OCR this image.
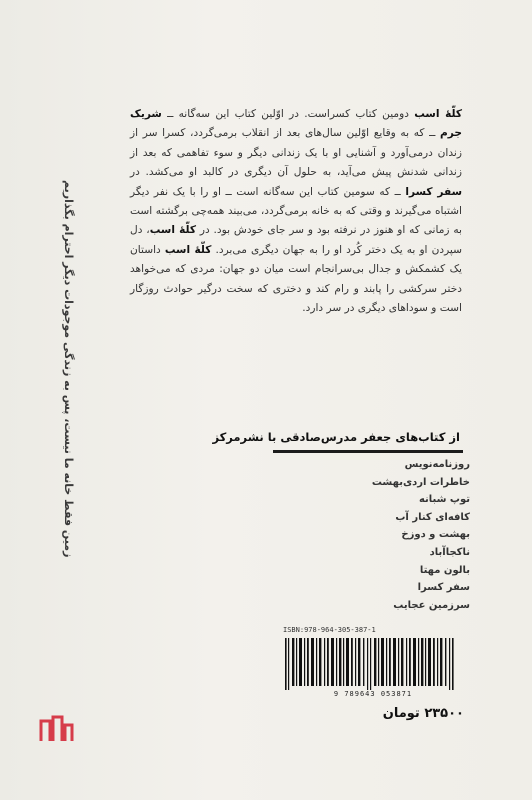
کلّهٔ اسب دومین کتاب کسراست. در اوّلین کتاب این سه‌گانه ــ شریک جرم ــ که به وقایع اوّلین سال‌های بعد از انقلاب برمی‌گردد، کسرا سر از زندان درمی‌آورد و آشنایی او با یک زندانی دیگر و سوء تفاهمی که بعد از زندانی شدنش پیش می‌آید، به حلول آن دیگری در کالبد او می‌کشد. در سفر کسرا ــ که سومین کتاب این سه‌گانه است ــ او را با یک نفر دیگر اشتباه می‌گیرند و وقتی که به خانه برمی‌گردد، می‌بیند همه‌چی برگشته است به زمانی که او هنوز در نرفته بود و سر جای خودش بود. در کلّهٔ اسب، دل سپردن او به یک دختر کُرد او را به جهان دیگری می‌برد. کلّهٔ اسب داستان یک کشمکش و جدال بی‌سرانجام است میان دو جهان: مردی که می‌خواهد دختر سرکشی را پابند و رام کند و دختری که سخت درگیر حوادث روزگار است و سوداهای دیگری در سر دارد.
زمین فقط خانه ما نیست، پس به زندگی موجودات دیگر احترام بگذاریم	از کتاب‌های جعفر مدرس‌صادقی با نشرمرکز
روزنامه‌نویس
خاطرات اردی‌بهشت
توپ شبانه
کافه‌ای کنار آب
بهشت و دوزخ
ناکجاآباد
بالون مهتا
سفر کسرا
سرزمین عجایب
ISBN:978-964-305-387-1
9 789643 053871
۲۳۵۰۰ تومان
